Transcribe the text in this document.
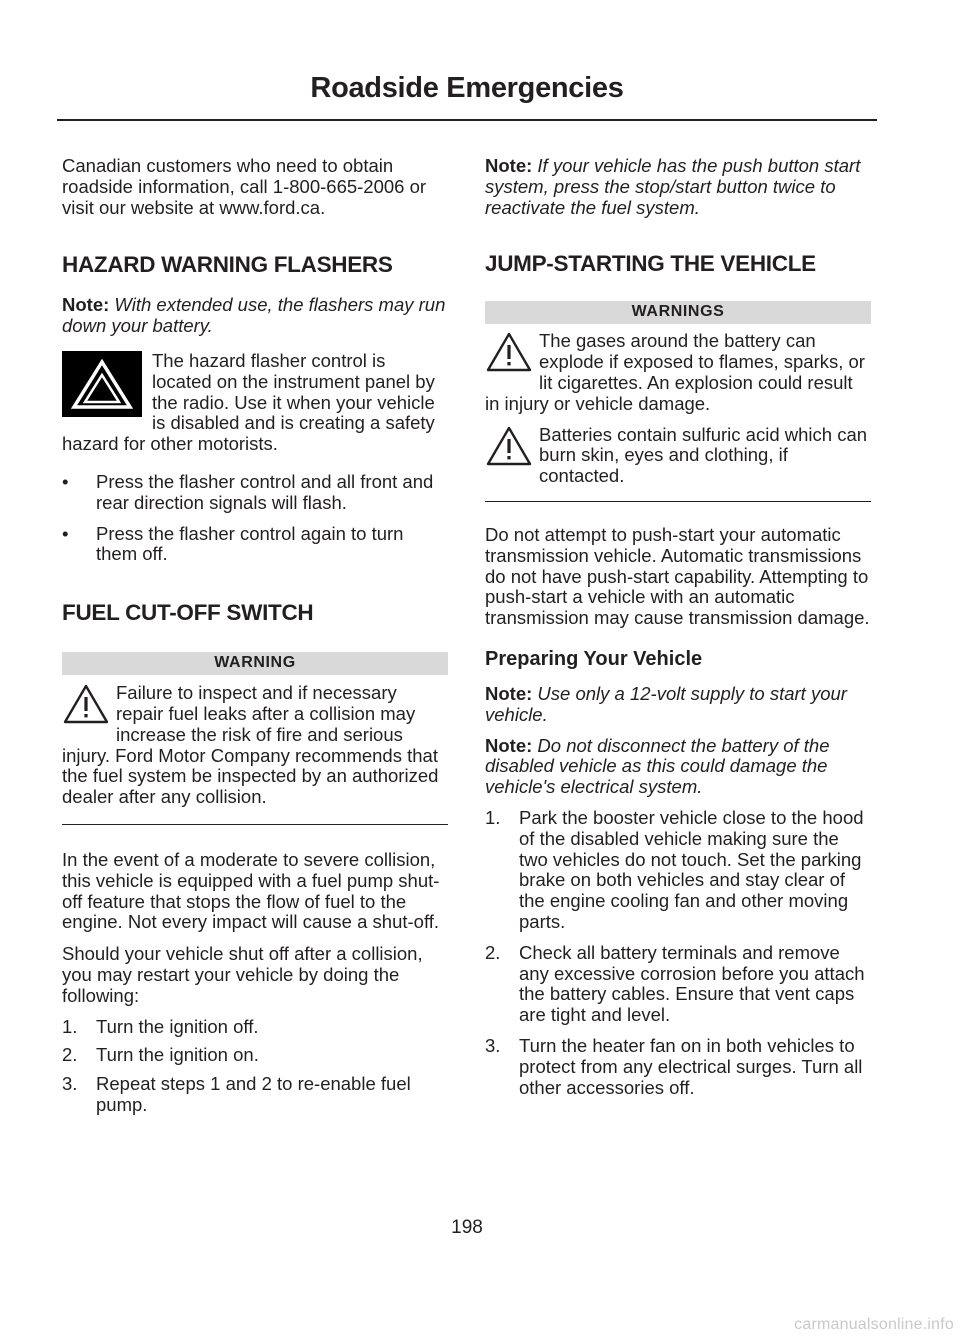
Roadside Emergencies

Canadian customers who need to obtain roadside information, call 1-800-665-2006 or visit our website at www.ford.ca.

HAZARD WARNING FLASHERS

Note: With extended use, the flashers may run down your battery.

The hazard flasher control is located on the instrument panel by the radio. Use it when your vehicle is disabled and is creating a safety hazard for other motorists.

• Press the flasher control and all front and rear direction signals will flash.
• Press the flasher control again to turn them off.
FUEL CUT-OFF SWITCH
WARNING

Failure to inspect and if necessary repair fuel leaks after a collision may increase the risk of fire and serious injury. Ford Motor Company recommends that the fuel system be inspected by an authorized dealer after any collision.

In the event of a moderate to severe collision, this vehicle is equipped with a fuel pump shut-off feature that stops the flow of fuel to the engine. Not every impact will cause a shut-off.

Should your vehicle shut off after a collision, you may restart your vehicle by doing the following:

1. Turn the ignition off.
2. Turn the ignition on.
3. Repeat steps 1 and 2 to re-enable fuel pump.

Note: If your vehicle has the push button start system, press the stop/start button twice to reactivate the fuel system.

JUMP-STARTING THE VEHICLE
WARNINGS

The gases around the battery can explode if exposed to flames, sparks, or lit cigarettes. An explosion could result in injury or vehicle damage.

Batteries contain sulfuric acid which can burn skin, eyes and clothing, if contacted.

Do not attempt to push-start your automatic transmission vehicle. Automatic transmissions do not have push-start capability. Attempting to push-start a vehicle with an automatic transmission may cause transmission damage.

Preparing Your Vehicle

Note: Use only a 12-volt supply to start your vehicle.

Note: Do not disconnect the battery of the disabled vehicle as this could damage the vehicle's electrical system.

1. Park the booster vehicle close to the hood of the disabled vehicle making sure the two vehicles do not touch. Set the parking brake on both vehicles and stay clear of the engine cooling fan and other moving parts.
2. Check all battery terminals and remove any excessive corrosion before you attach the battery cables. Ensure that vent caps are tight and level.
3. Turn the heater fan on in both vehicles to protect from any electrical surges. Turn all other accessories off.
198
carmanualsonline.info
